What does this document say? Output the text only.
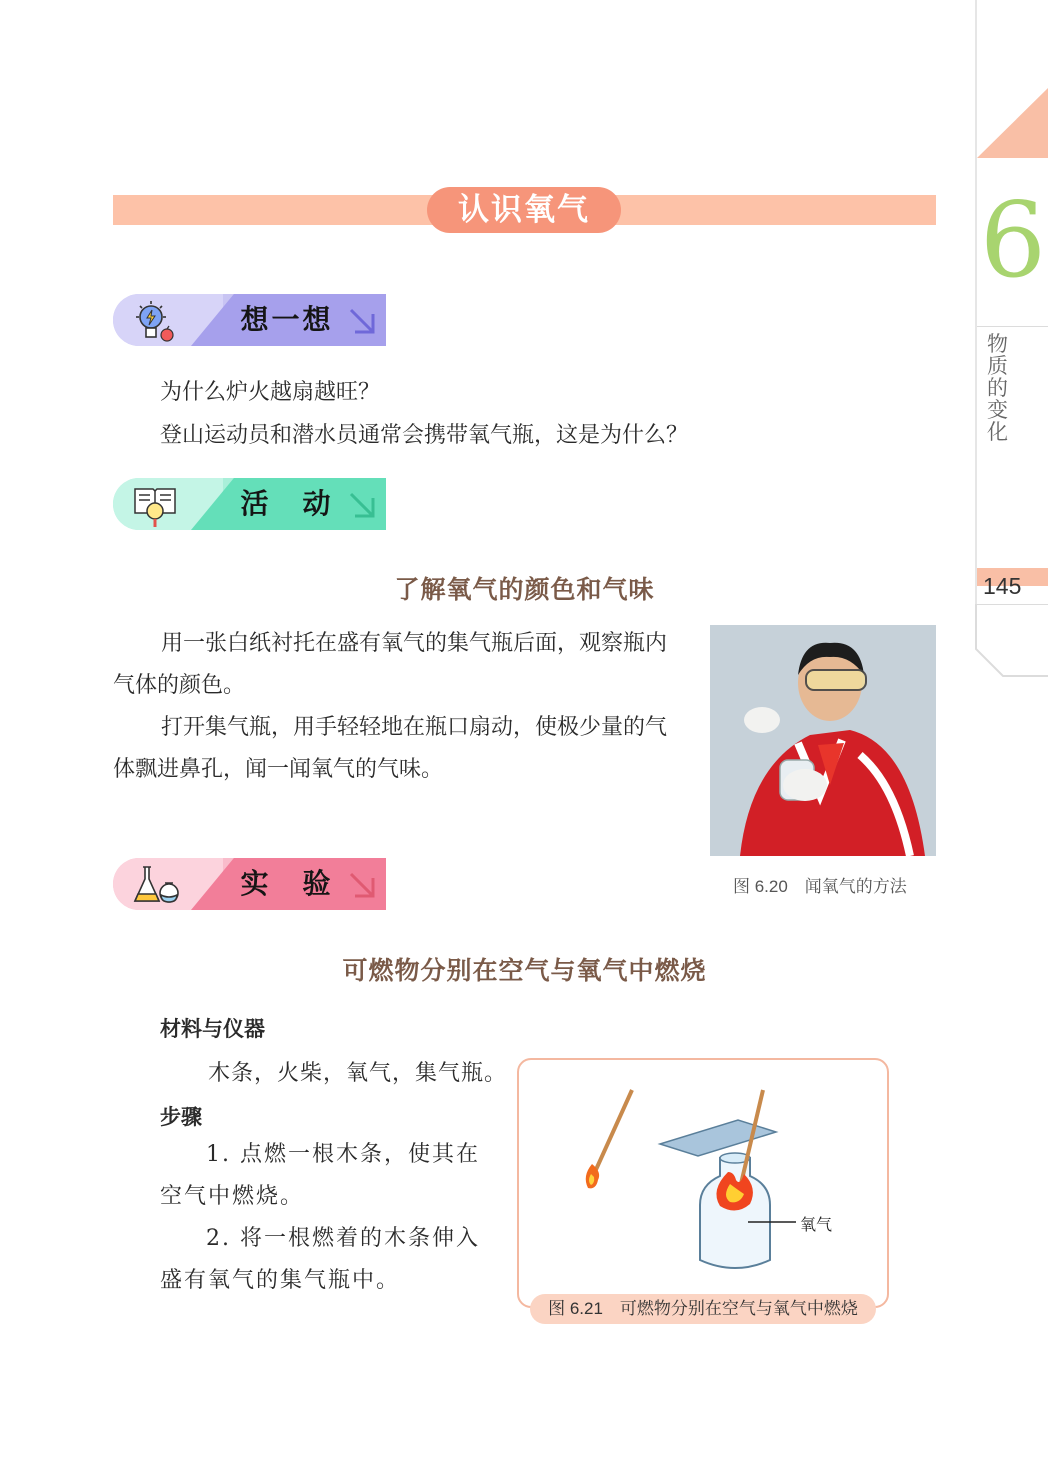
6
物质的变化
145
认识氧气
想一想
为什么炉火越扇越旺？
登山运动员和潜水员通常会携带氧气瓶，这是为什么？
活　动
了解氧气的颜色和气味
用一张白纸衬托在盛有氧气的集气瓶后面，观察瓶内气体的颜色。
打开集气瓶，用手轻轻地在瓶口扇动，使极少量的气体飘进鼻孔，闻一闻氧气的气味。
图 6.20　闻氧气的方法
实　验
可燃物分别在空气与氧气中燃烧
材料与仪器
木条，火柴，氧气，集气瓶。
步骤
1. 点燃一根木条，使其在空气中燃烧。
2. 将一根燃着的木条伸入盛有氧气的集气瓶中。
氧气
图 6.21　可燃物分别在空气与氧气中燃烧
